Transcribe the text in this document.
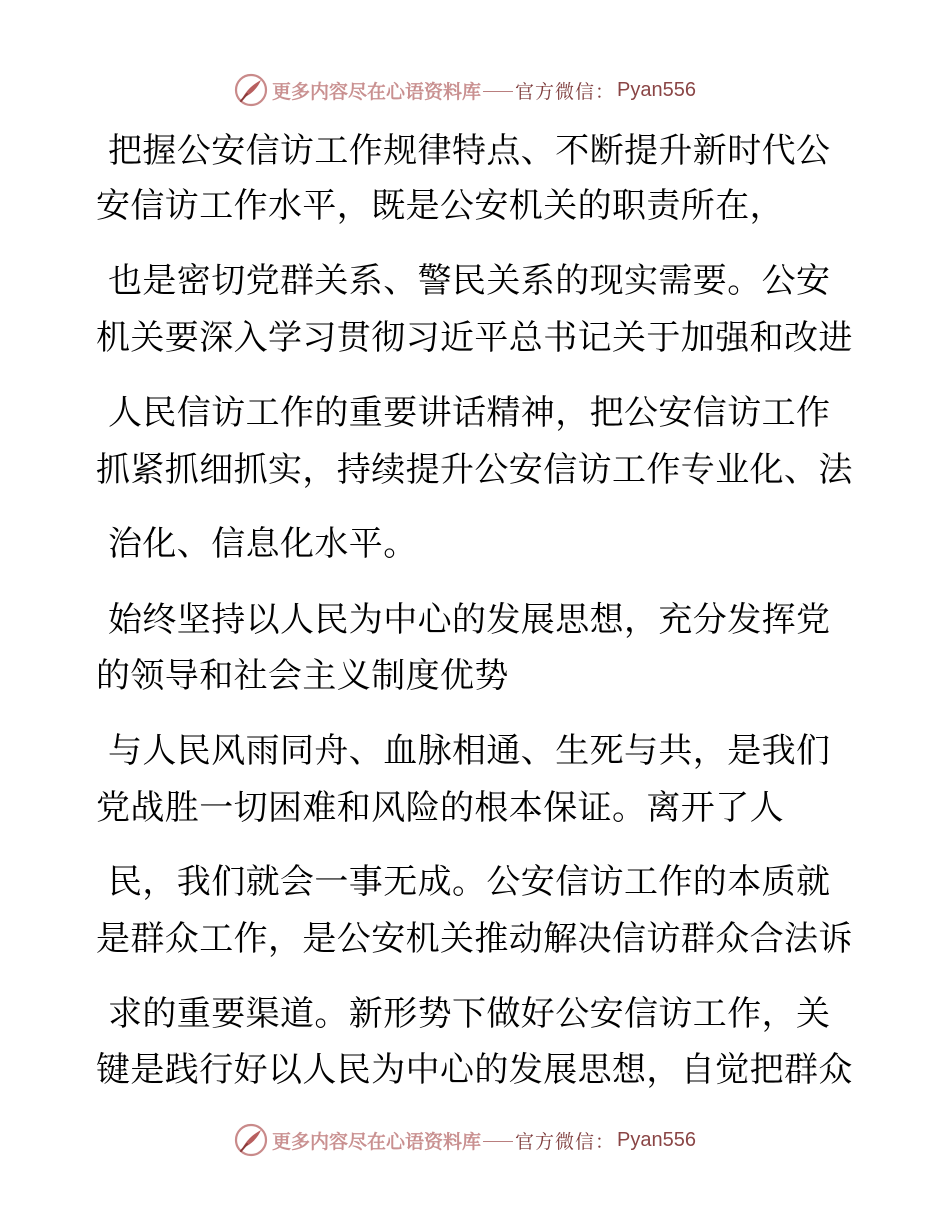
更多内容尽在心语资料库 官方微信： Pyan556
把握公安信访工作规律特点、不断提升新时代公
安信访工作水平，既是公安机关的职责所在，
也是密切党群关系、警民关系的现实需要。公安
机关要深入学习贯彻习近平总书记关于加强和改进
人民信访工作的重要讲话精神，把公安信访工作
抓紧抓细抓实，持续提升公安信访工作专业化、法
治化、信息化水平。
始终坚持以人民为中心的发展思想，充分发挥党
的领导和社会主义制度优势
与人民风雨同舟、血脉相通、生死与共，是我们
党战胜一切困难和风险的根本保证。离开了人
民，我们就会一事无成。公安信访工作的本质就
是群众工作，是公安机关推动解决信访群众合法诉
求的重要渠道。新形势下做好公安信访工作，关
键是践行好以人民为中心的发展思想，自觉把群众
更多内容尽在心语资料库 官方微信： Pyan556
